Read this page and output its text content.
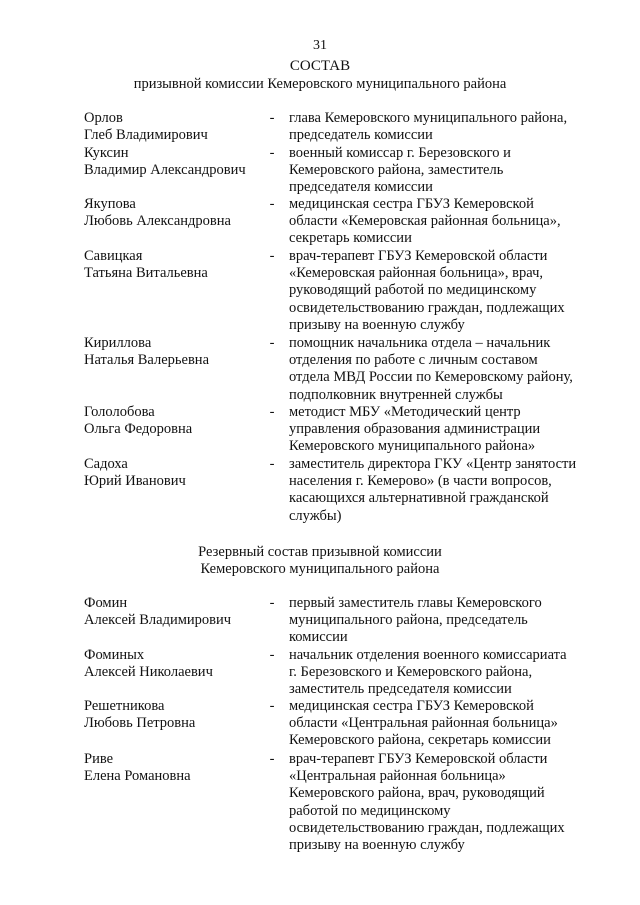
31
СОСТАВ
призывной комиссии Кемеровского муниципального района
Орлов
Глеб Владимирович
- глава Кемеровского муниципального района,
председатель комиссии
Куксин
Владимир Александрович
- военный комиссар г. Березовского и
Кемеровского района, заместитель
председателя комиссии
Якупова
Любовь Александровна
- медицинская сестра ГБУЗ Кемеровской
области «Кемеровская районная больница»,
секретарь комиссии
Савицкая
Татьяна Витальевна
- врач-терапевт ГБУЗ Кемеровской области
«Кемеровская районная больница», врач,
руководящий работой по медицинскому
освидетельствованию граждан, подлежащих
призыву на военную службу
Кириллова
Наталья Валерьевна
- помощник начальника отдела – начальник
отделения по работе с личным составом
отдела МВД России по Кемеровскому району,
подполковник внутренней службы
Гололобова
Ольга Федоровна
- методист МБУ «Методический центр
управления образования администрации
Кемеровского муниципального района»
Садоха
Юрий Иванович
- заместитель директора ГКУ «Центр занятости
населения г. Кемерово» (в части вопросов,
касающихся альтернативной гражданской
службы)
Резервный состав призывной комиссии
Кемеровского муниципального района
Фомин
Алексей Владимирович
- первый заместитель главы Кемеровского
муниципального района, председатель
комиссии
Фоминых
Алексей Николаевич
- начальник отделения военного комиссариата
г. Березовского и Кемеровского района,
заместитель председателя комиссии
Решетникова
Любовь Петровна
- медицинская сестра ГБУЗ Кемеровской
области «Центральная районная больница»
Кемеровского района, секретарь комиссии
Риве
Елена Романовна
- врач-терапевт ГБУЗ Кемеровской области
«Центральная районная больница»
Кемеровского района, врач, руководящий
работой по медицинскому
освидетельствованию граждан, подлежащих
призыву на военную службу
